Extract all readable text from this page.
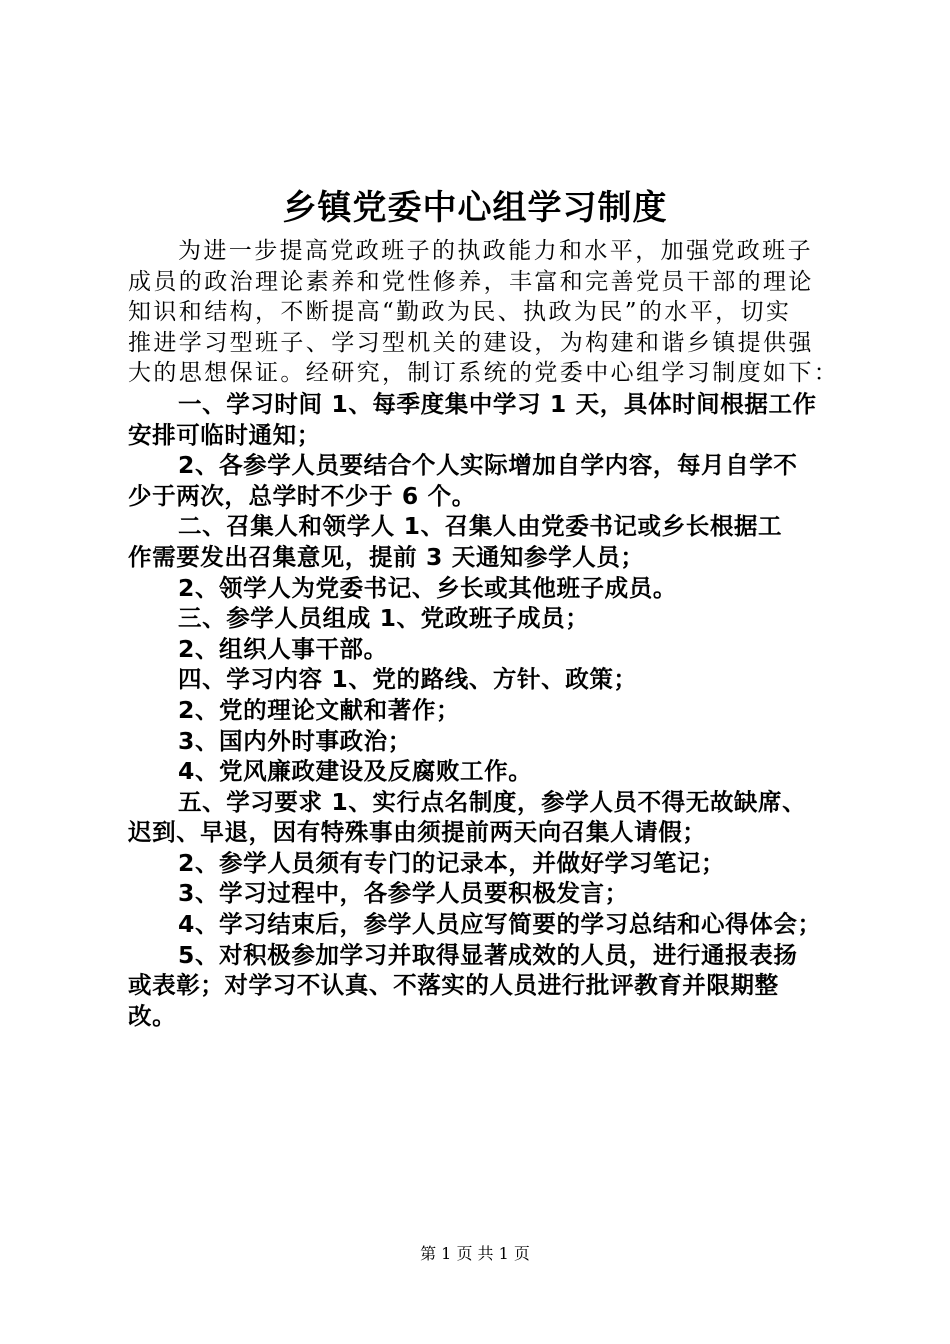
乡镇党委中心组学习制度
为进一步提高党政班子的执政能力和水平，加强党政班子
成员的政治理论素养和党性修养，丰富和完善党员干部的理论
知识和结构，不断提高“勤政为民、执政为民”的水平，切实
推进学习型班子、学习型机关的建设，为构建和谐乡镇提供强
大的思想保证。经研究，制订系统的党委中心组学习制度如下：
一、学习时间 1、每季度集中学习 1 天，具体时间根据工作
安排可临时通知；
2、各参学人员要结合个人实际增加自学内容，每月自学不
少于两次，总学时不少于 6 个。
二、召集人和领学人 1、召集人由党委书记或乡长根据工
作需要发出召集意见，提前 3 天通知参学人员；
2、领学人为党委书记、乡长或其他班子成员。
三、参学人员组成 1、党政班子成员；
2、组织人事干部。
四、学习内容 1、党的路线、方针、政策；
2、党的理论文献和著作；
3、国内外时事政治；
4、党风廉政建设及反腐败工作。
五、学习要求 1、实行点名制度，参学人员不得无故缺席、
迟到、早退，因有特殊事由须提前两天向召集人请假；
2、参学人员须有专门的记录本，并做好学习笔记；
3、学习过程中，各参学人员要积极发言；
4、学习结束后，参学人员应写简要的学习总结和心得体会；
5、对积极参加学习并取得显著成效的人员，进行通报表扬
或表彰；对学习不认真、不落实的人员进行批评教育并限期整
改。
第 1 页 共 1 页
